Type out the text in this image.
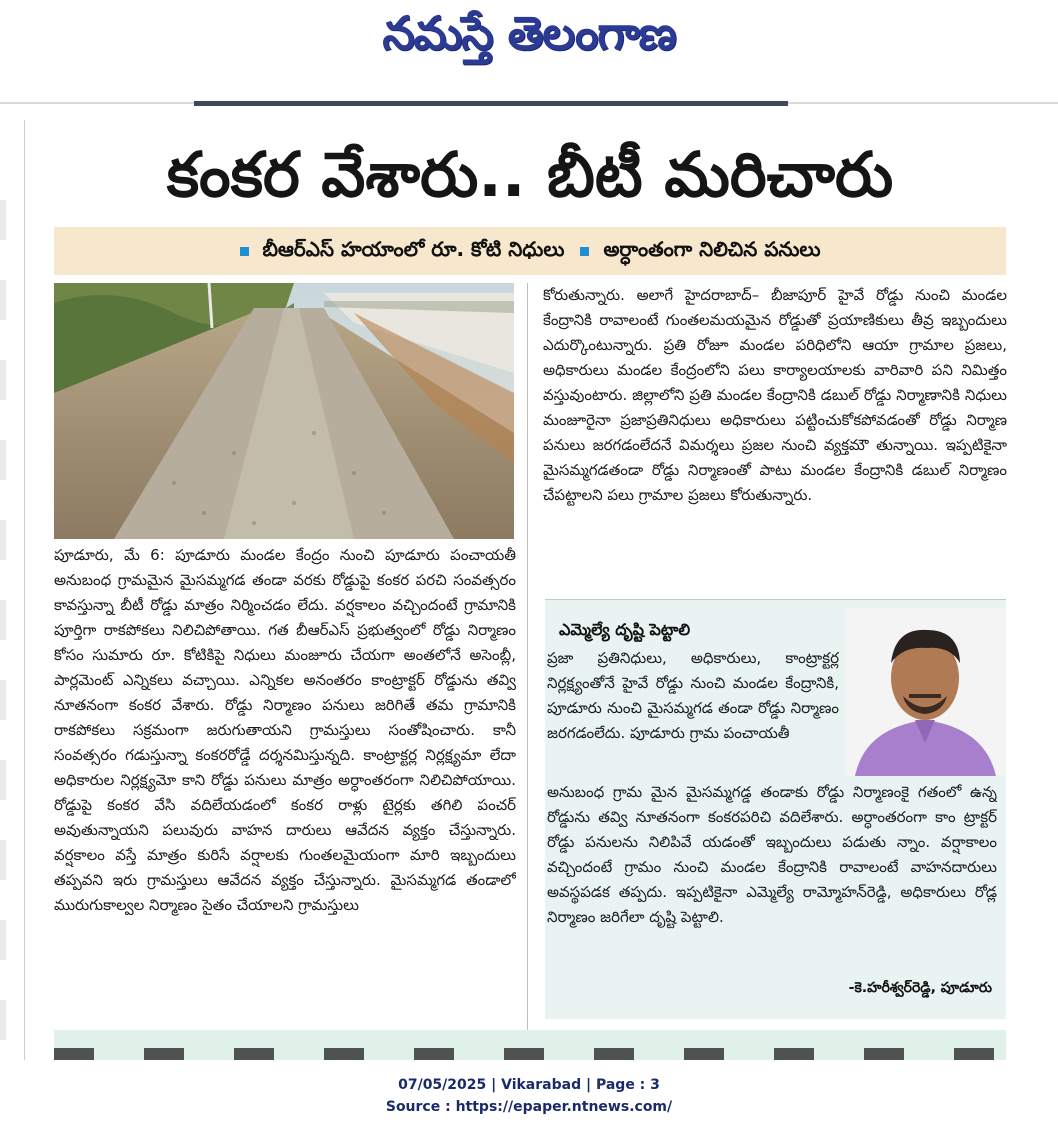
నమస్తే తెలంగాణ
కంకర వేశారు.. బీటీ మరిచారు
బీఆర్‌ఎస్ హయాంలో రూ. కోటి నిధులు అర్ధాంతంగా నిలిచిన పనులు

పూడూరు, మే 6: పూడూరు మండల కేంద్రం నుంచి పూడూరు పంచాయతీ అనుబంధ గ్రామమైన మైసమ్మగడ తండా వరకు రోడ్డుపై కంకర పరచి సంవత్సరం కావస్తున్నా బీటీ రోడ్డు మాత్రం నిర్మించడం లేదు. వర్షకాలం వచ్చిందంటే గ్రామానికి పూర్తిగా రాకపోకలు నిలిచిపోతాయి. గత బీఆర్‌ఎస్ ప్రభుత్వంలో రోడ్డు నిర్మాణం కోసం సుమారు రూ. కోటికిపై నిధులు మంజూరు చేయగా అంతలోనే అసెంబ్లీ, పార్లమెంట్ ఎన్నికలు వచ్చాయి. ఎన్నికల అనంతరం కాంట్రాక్టర్ రోడ్డును తవ్వి నూతనంగా కంకర వేశారు. రోడ్డు నిర్మాణం పనులు జరిగితే తమ గ్రామానికి రాకపోకలు సక్రమంగా జరుగుతాయని గ్రామస్తులు సంతోషించారు. కానీ సంవత్సరం గడుస్తున్నా కంకరరోడ్డే దర్శనమిస్తున్నది. కాంట్రాక్టర్ల నిర్లక్ష్యమా లేదా అధికారుల నిర్లక్ష్యమో కాని రోడ్డు పనులు మాత్రం అర్ధాంతరంగా నిలిచిపోయాయి. రోడ్డుపై కంకర వేసి వదిలేయడంలో కంకర రాళ్లు టైర్లకు తగిలి పంచర్ అవుతున్నాయని పలువురు వాహన దారులు ఆవేదన వ్యక్తం చేస్తున్నారు. వర్షకాలం వస్తే మాత్రం కురిసే వర్షాలకు గుంతలమైయంగా మారి ఇబ్బందులు తప్పవని ఇరు గ్రామస్తులు ఆవేదన వ్యక్తం చేస్తున్నారు. మైసమ్మగడ తండాలో మురుగుకాల్వల నిర్మాణం సైతం చేయాలని గ్రామస్తులు

కోరుతున్నారు. అలాగే హైదరాబాద్– బీజాపూర్ హైవే రోడ్డు నుంచి మండల కేంద్రానికి రావాలంటే గుంతలమయమైన రోడ్డుతో ప్రయాణికులు తీవ్ర ఇబ్బందులు ఎదుర్కొంటున్నారు. ప్రతి రోజూ మండల పరిధిలోని ఆయా గ్రామాల ప్రజలు, అధికారులు మండల కేంద్రంలోని పలు కార్యాలయాలకు వారివారి పని నిమిత్తం వస్తువుంటారు. జిల్లాలోని ప్రతి మండల కేంద్రానికి డబుల్ రోడ్డు నిర్మాణానికి నిధులు మంజూరైనా ప్రజాప్రతినిధులు అధికారులు పట్టించుకోకపోవడంతో రోడ్డు నిర్మాణ పనులు జరగడంలేదనే విమర్శలు ప్రజల నుంచి వ్యక్తమౌ తున్నాయి. ఇప్పటికైనా మైసమ్మగడతండా రోడ్డు నిర్మాణంతో పాటు మండల కేంద్రానికి డబుల్ నిర్మాణం చేపట్టాలని పలు గ్రామాల ప్రజలు కోరుతున్నారు.

ఎమ్మెల్యే దృష్టి పెట్టాలి

ప్రజా ప్రతినిధులు, అధికారులు, కాంట్రాక్టర్ల నిర్లక్ష్యంతోనే హైవే రోడ్డు నుంచి మండల కేంద్రానికి, పూడూరు నుంచి మైసమ్మగడ తండా రోడ్డు నిర్మాణం జరగడంలేదు. పూడూరు గ్రామ పంచాయతీ

అనుబంధ గ్రామ మైన మైసమ్మగడ్డ తండాకు రోడ్డు నిర్మాణంకై గతంలో ఉన్న రోడ్డును తవ్వి నూతనంగా కంకరపరిచి వదిలేశారు. అర్ధాంతరంగా కాం ట్రాక్టర్ రోడ్డు పనులను నిలిపివే యడంతో ఇబ్బందులు పడుతు న్నాం. వర్షాకాలం వచ్చిందంటే గ్రామం నుంచి మండల కేంద్రానికి రావాలంటే వాహనదారులు అవస్థపడక తప్పదు. ఇప్పటికైనా ఎమ్మెల్యే రామ్మోహన్‌రెడ్డి, అధికారులు రోడ్ల నిర్మాణం జరిగేలా దృష్టి పెట్టాలి.

-కె.హరీశ్వర్‌రెడ్డి, పూడూరు
07/05/2025 | Vikarabad | Page : 3
Source : https://epaper.ntnews.com/
